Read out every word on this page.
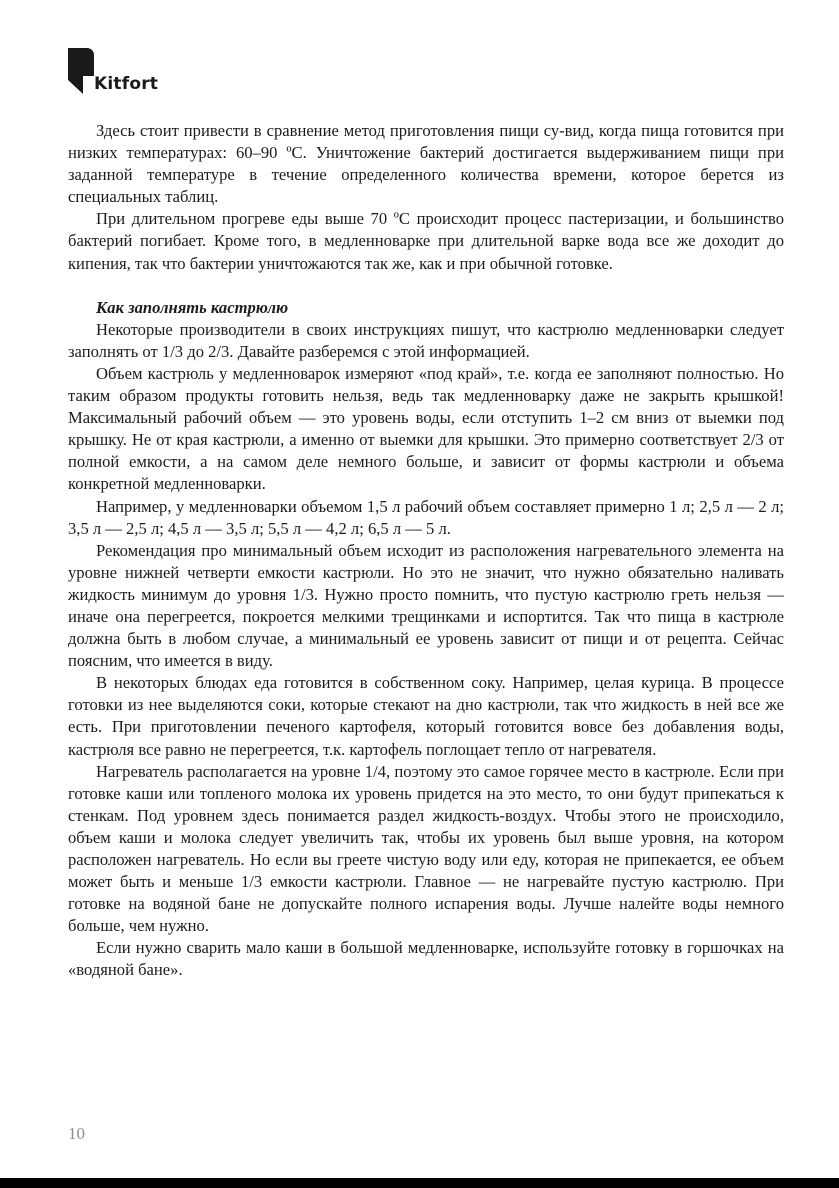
Kitfort

Здесь стоит привести в сравнение метод приготовления пищи су-вид, когда пища готовится при низких температурах: 60–90 ºС. Уничтожение бактерий достигается выдерживанием пищи при заданной температуре в течение определенного количества времени, которое берется из специальных таблиц.

При длительном прогреве еды выше 70 ºС происходит процесс пастеризации, и большинство бактерий погибает. Кроме того, в медленноварке при длительной варке вода все же доходит до кипения, так что бактерии уничтожаются так же, как и при обычной готовке.

Как заполнять кастрюлю

Некоторые производители в своих инструкциях пишут, что кастрюлю медленноварки следует заполнять от 1/3 до 2/3. Давайте разберемся с этой информацией.

Объем кастрюль у медленноварок измеряют «под край», т.е. когда ее заполняют полностью. Но таким образом продукты готовить нельзя, ведь так медленноварку даже не закрыть крышкой! Максимальный рабочий объем — это уровень воды, если отступить 1–2 см вниз от выемки под крышку. Не от края кастрюли, а именно от выемки для крышки. Это примерно соответствует 2/3 от полной емкости, а на самом деле немного больше, и зависит от формы кастрюли и объема конкретной медленноварки.

Например, у медленноварки объемом 1,5 л рабочий объем составляет примерно 1 л; 2,5 л — 2 л; 3,5 л — 2,5 л; 4,5 л — 3,5 л; 5,5 л — 4,2 л; 6,5 л — 5 л.

Рекомендация про минимальный объем исходит из расположения нагревательного элемента на уровне нижней четверти емкости кастрюли. Но это не значит, что нужно обязательно наливать жидкость минимум до уровня 1/3. Нужно просто помнить, что пустую кастрюлю греть нельзя — иначе она перегреется, покроется мелкими трещинками и испортится. Так что пища в кастрюле должна быть в любом случае, а минимальный ее уровень зависит от пищи и от рецепта. Сейчас поясним, что имеется в виду.

В некоторых блюдах еда готовится в собственном соку. Например, целая курица. В процессе готовки из нее выделяются соки, которые стекают на дно кастрюли, так что жидкость в ней все же есть. При приготовлении печеного картофеля, который готовится вовсе без добавления воды, кастрюля все равно не перегреется, т.к. картофель поглощает тепло от нагревателя.

Нагреватель располагается на уровне 1/4, поэтому это самое горячее место в кастрюле. Если при готовке каши или топленого молока их уровень придется на это место, то они будут припекаться к стенкам. Под уровнем здесь понимается раздел жидкость-воздух. Чтобы этого не происходило, объем каши и молока следует увеличить так, чтобы их уровень был выше уровня, на котором расположен нагреватель. Но если вы греете чистую воду или еду, которая не припекается, ее объем может быть и меньше 1/3 емкости кастрюли. Главное — не нагревайте пустую кастрюлю. При готовке на водяной бане не допускайте полного испарения воды. Лучше налейте воды немного больше, чем нужно.

Если нужно сварить мало каши в большой медленноварке, используйте готовку в горшочках на «водяной бане».

10
